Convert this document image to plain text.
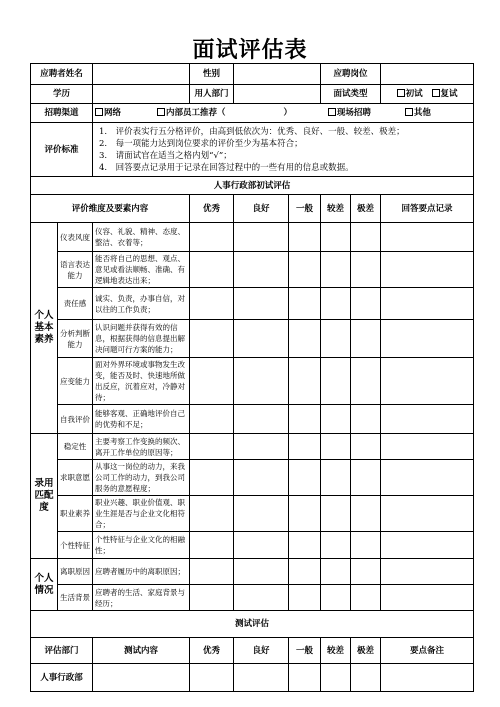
面试评估表
应聘者姓名			性别			应聘岗位		
学历			用人部门			面试类型		初试 复试
招聘渠道		网络 内部员工推荐（ ） 现场招聘 其他						
评价标准		1.　评价表实行五分格评价，由高到低依次为：优秀、良好、一般、较差、极差；
2.　每一项能力达到岗位要求的评价至少为基本符合；
3.　请面试官在适当之格内划“√”；
4.　回答要点记录用于记录在回答过程中的一些有用的信息或数据。						

人事行政部初试评估								
评价维度及要素内容			优秀	良好	一般	较差	极差	回答要点记录
个人基本素养	仪表风度	仪容、礼貌、精神、态度、整洁、衣着等；						
	语言表达能力	能否将自己的思想、观点、意见或看法顺畅、准确、有逻辑地表达出来；						
	责任感	诚实、负责，办事自信，对以往的工作负责；						
	分析判断能力	认识问题并获得有效的信息，根据获得的信息提出解决问题可行方案的能力；						
	应变能力	面对外界环境或事物发生改变，能否及时、快速地所做出反应，沉着应对，冷静对待；						
	自我评价	能够客观、正确地评价自己的优势和不足；						
录用匹配度	稳定性	主要考察工作变换的频次、离开工作单位的原因等；						
	求职意愿	从事这一岗位的动力，来我公司工作的动力，到我公司服务的意愿程度；						
	职业素养	职业兴趣、职业价值观、职业生涯是否与企业文化相符合；						
	个性特征	个性特征与企业文化的相融性；						
个人情况	离职原因	应聘者履历中的离职原因；						
	生活背景	应聘者的生活、家庭背景与经历；						
测试评估								
评估部门		测试内容	优秀	良好	一般	较差	极差	要点备注
人事行政部								
